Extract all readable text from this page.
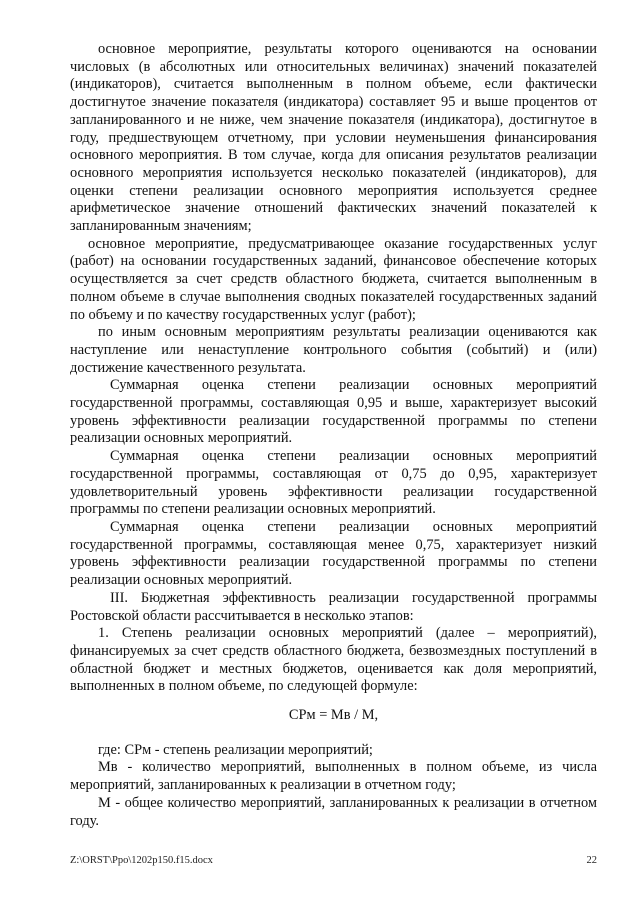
основное мероприятие, результаты которого оцениваются на основании числовых (в абсолютных или относительных величинах) значений показателей (индикаторов), считается выполненным в полном объеме, если фактически достигнутое значение показателя (индикатора) составляет 95 и выше процентов от запланированного и не ниже, чем значение показателя (индикатора), достигнутое в году, предшествующем отчетному, при условии неуменьшения финансирования основного мероприятия. В том случае, когда для описания результатов реализации основного мероприятия используется несколько показателей (индикаторов), для оценки степени реализации основного мероприятия используется среднее арифметическое значение отношений фактических значений показателей к запланированным значениям;

основное мероприятие, предусматривающее оказание государственных услуг (работ) на основании государственных заданий, финансовое обеспечение которых осуществляется за счет средств областного бюджета, считается выполненным в полном объеме в случае выполнения сводных показателей государственных заданий по объему и по качеству государственных услуг (работ);

по иным основным мероприятиям результаты реализации оцениваются как наступление или ненаступление контрольного события (событий) и (или) достижение качественного результата.

Суммарная оценка степени реализации основных мероприятий государственной программы, составляющая 0,95 и выше, характеризует высокий уровень эффективности реализации государственной программы по степени реализации основных мероприятий.

Суммарная оценка степени реализации основных мероприятий государственной программы, составляющая от 0,75 до 0,95, характеризует удовлетворительный уровень эффективности реализации государственной программы по степени реализации основных мероприятий.

Суммарная оценка степени реализации основных мероприятий государственной программы, составляющая менее 0,75, характеризует низкий уровень эффективности реализации государственной программы по степени реализации основных мероприятий.

III. Бюджетная эффективность реализации государственной программы Ростовской области рассчитывается в несколько этапов:

1. Степень реализации основных мероприятий (далее – мероприятий), финансируемых за счет средств областного бюджета, безвозмездных поступлений в областной бюджет и местных бюджетов, оценивается как доля мероприятий, выполненных в полном объеме, по следующей формуле:

СРм = Мв / М,

где: СРм - степень реализации мероприятий;

Мв - количество мероприятий, выполненных в полном объеме, из числа мероприятий, запланированных к реализации в отчетном году;

М - общее количество мероприятий, запланированных к реализации в отчетном году.

Z:\ORST\Ppo\1202p150.f15.docx	22
